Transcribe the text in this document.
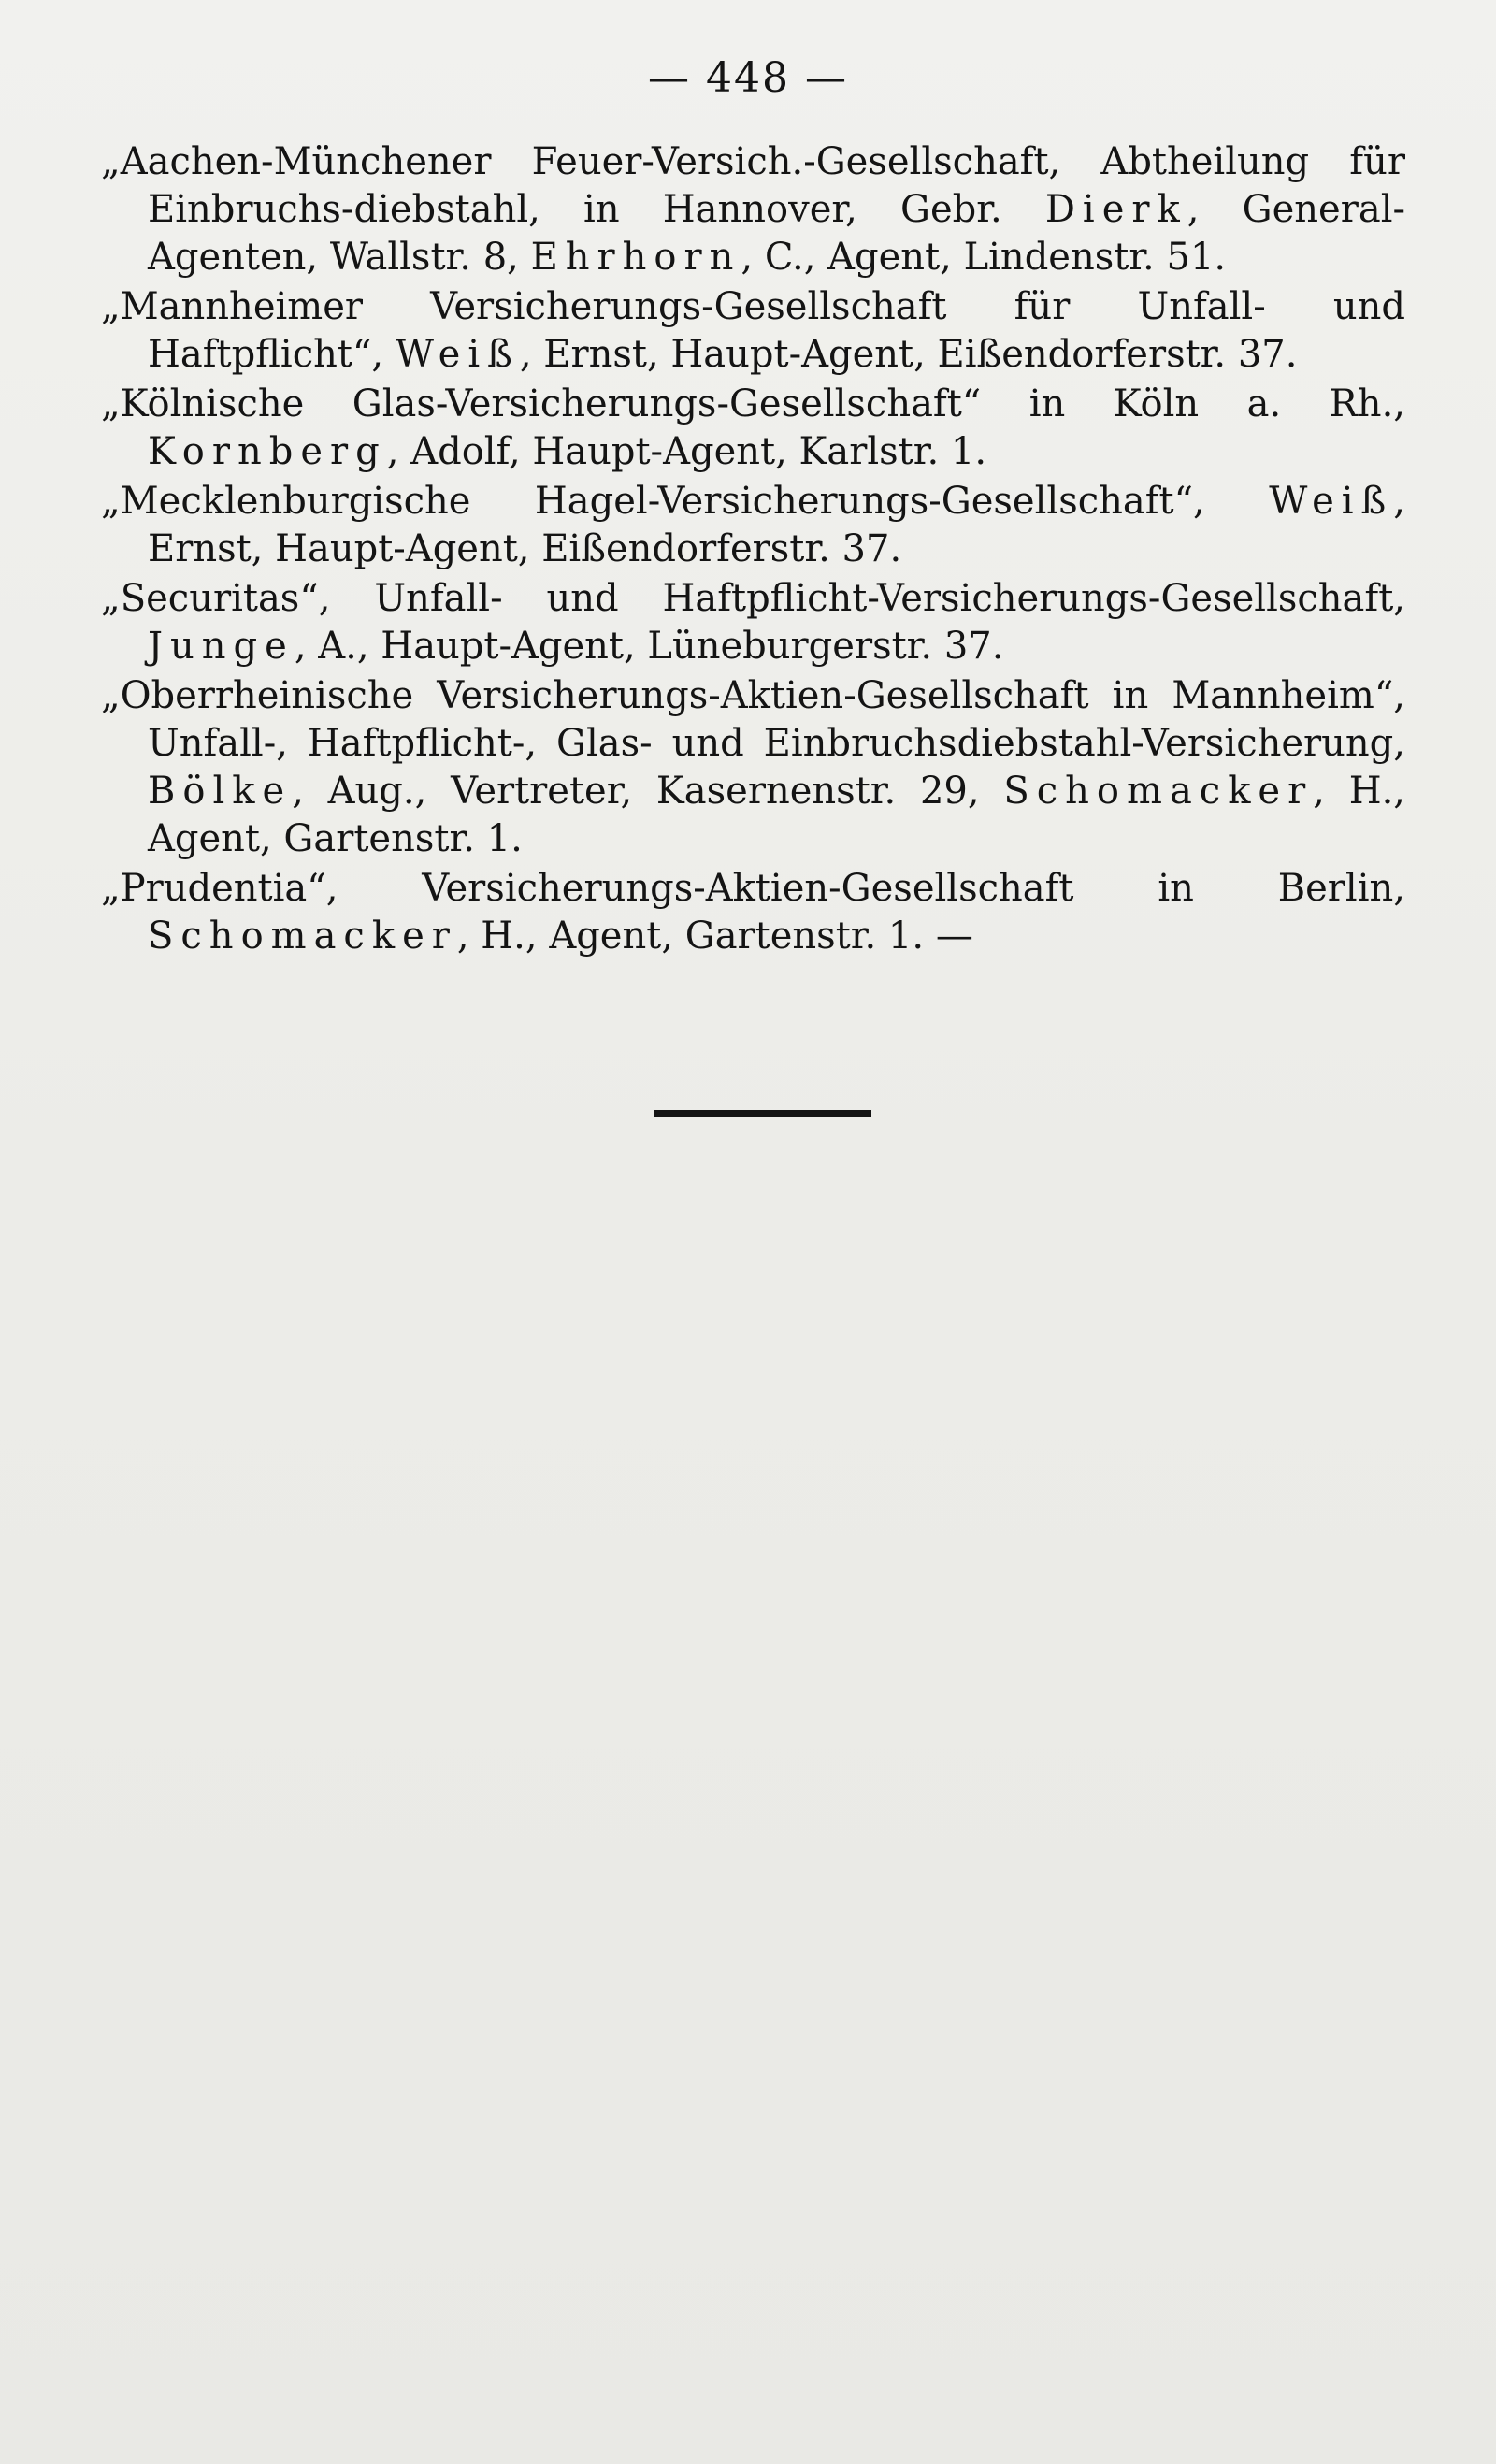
— 448 —

„Aachen-Münchener Feuer-Versich.-Gesellschaft, Abtheilung für Einbruchs-diebstahl, in Hannover, Gebr. Dierk, General-Agenten, Wallstr. 8, Ehrhorn, C., Agent, Lindenstr. 51.

„Mannheimer Versicherungs-Gesellschaft für Unfall- und Haftpflicht“, Weiß, Ernst, Haupt-Agent, Eißendorferstr. 37.

„Kölnische Glas-Versicherungs-Gesellschaft“ in Köln a. Rh., Kornberg, Adolf, Haupt-Agent, Karlstr. 1.

„Mecklenburgische Hagel-Versicherungs-Gesellschaft“, Weiß, Ernst, Haupt-Agent, Eißendorferstr. 37.

„Securitas“, Unfall- und Haftpflicht-Versicherungs-Gesellschaft, Junge, A., Haupt-Agent, Lüneburgerstr. 37.

„Oberrheinische Versicherungs-Aktien-Gesellschaft in Mannheim“, Unfall-, Haftpflicht-, Glas- und Einbruchsdiebstahl-Versicherung, Bölke, Aug., Vertreter, Kasernenstr. 29, Schomacker, H., Agent, Gartenstr. 1.

„Prudentia“, Versicherungs-Aktien-Gesellschaft in Berlin, Schomacker, H., Agent, Gartenstr. 1. —
